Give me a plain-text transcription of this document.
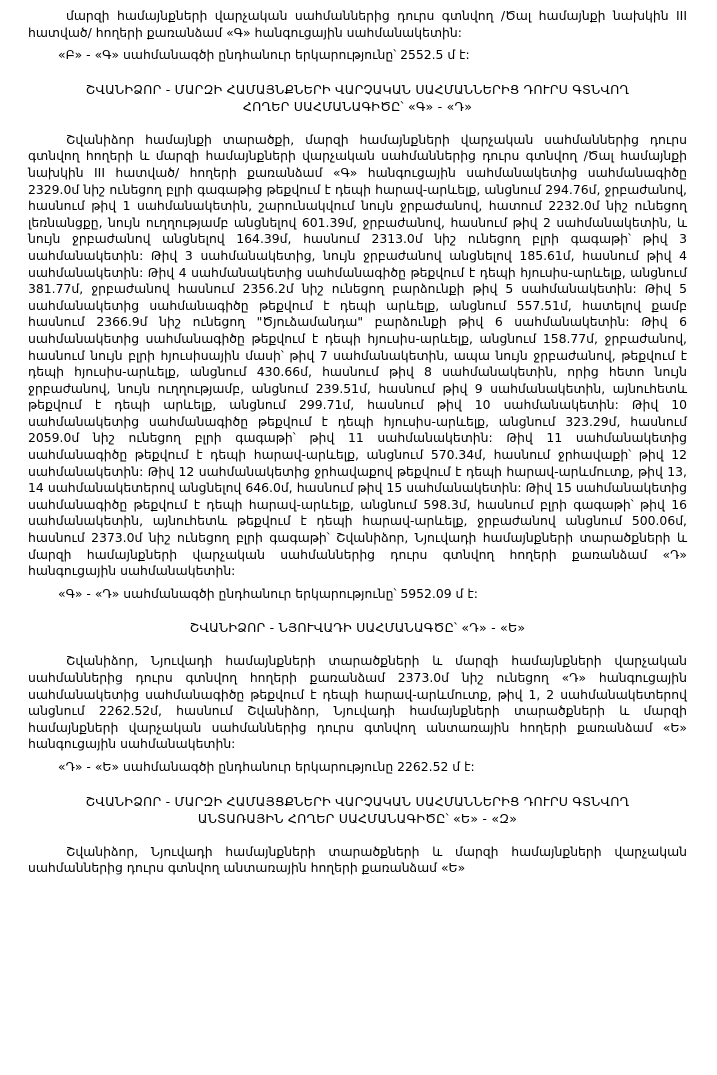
մարզի համայնքների վարչական սահմաններից դուրս գտնվող /Ծալ համայնքի նախկին III հատված/ հողերի քառանձամ «Գ» հանգուցային սահմանակետին:

«Բ» - «Գ» սահմանագծի ընդհանուր երկարությունը՝ 2552.5 մ է:

ՇՎԱՆԻՁՈՐ - ՄԱՐԶԻ ՀԱՄԱՅՆՔՆԵՐԻ ՎԱՐՉԱԿԱՆ ՍԱՀՄԱՆՆԵՐԻՑ ԴՈՒՐՍ ԳՏՆՎՈՂ

ՀՈՂԵՐ ՍԱՀՄԱՆԱԳԻԾԸ՝ «Գ» - «Դ»

Շվանիձոր համայնքի տարածքի, մարզի համայնքների վարչական սահմաններից դուրս գտնվող հողերի և մարզի համայնքների վարչական սահմաններից դուրս գտնվող /Ծալ համայնքի նախկին III հատված/ հողերի քառանձամ «Գ» հանգուցային սահմանակետից սահմանագիծը 2329.0մ նիշ ունեցող բլրի գագաթից թեքվում է դեպի հարավ-արևելք, անցնում 294.76մ, ջրբաժանով, հասնում թիվ 1 սահմանակետին, շարունակվում նույն ջրբաժանով, հատում 2232.0մ նիշ ունեցող լեռնանցքը, նույն ուղղությամբ անցնելով 601.39մ, ջրբաժանով, հասնում թիվ 2 սահմանակետին, և նույն ջրբաժանով անցնելով 164.39մ, հասնում 2313.0մ նիշ ունեցող բլրի գագաթի՝ թիվ 3 սահմանակետին: Թիվ 3 սահմանակետից, նույն ջրբաժանով անցնելով 185.61մ, հասնում թիվ 4 սահմանակետին: Թիվ 4 սահմանակետից սահմանագիծը թեքվում է դեպի հյուսիս-արևելք, անցնում 381.77մ, ջրբաժանով հասնում 2356.2մ նիշ ունեցող բարձունքի թիվ 5 սահմանակետին: Թիվ 5 սահմանակետից սահմանագիծը թեքվում է դեպի արևելք, անցնում 557.51մ, հատելով քամբ հասնում 2366.9մ նիշ ունեցող "Ծյուձամանդա" բարձունքի թիվ 6 սահմանակետին: Թիվ 6 սահմանակետից սահմանագիծը թեքվում է դեպի հյուսիս-արևելք, անցնում 158.77մ, ջրբաժանով, հասնում նույն բլրի հյուսիսային մասի՝ թիվ 7 սահմանակետին, ապա նույն ջրբաժանով, թեքվում է դեպի հյուսիս-արևելք, անցնում 430.66մ, հասնում թիվ 8 սահմանակետին, որից հետո նույն ջրբաժանով, նույն ուղղությամբ, անցնում 239.51մ, հասնում թիվ 9 սահմանակետին, այնուհետև թեքվում է դեպի արևելք, անցնում 299.71մ, հասնում թիվ 10 սահմանակետին: Թիվ 10 սահմանակետից սահմանագիծը թեքվում է դեպի հյուսիս-արևելք, անցնում 323.29մ, հասնում 2059.0մ նիշ ունեցող բլրի գագաթի՝ թիվ 11 սահմանակետին: Թիվ 11 սահմանակետից սահմանագիծը թեքվում է դեպի հարավ-արևելք, անցնում 570.34մ, հասնում ջրհավաքի՝ թիվ 12 սահմանակետին: Թիվ 12 սահմանակետից ջրհավաքով թեքվում է դեպի հարավ-արևմուտք, թիվ 13, 14 սահմանակետերով անցնելով 646.0մ, հասնում թիվ 15 սահմանակետին: Թիվ 15 սահմանակետից սահմանագիծը թեքվում է դեպի հարավ-արևելք, անցնում 598.3մ, հասնում բլրի գագաթի՝ թիվ 16 սահմանակետին, այնուհետև թեքվում է դեպի հարավ-արևելք, ջրբաժանով անցնում 500.06մ, հասնում 2373.0մ նիշ ունեցող բլրի գագաթի՝ Շվանիձոր, Նյուվադի համայնքների տարածքների և մարզի համայնքների վարչական սահմաններից դուրս գտնվող հողերի քառանձամ «Դ» հանգուցային սահմանակետին:

«Գ» - «Դ» սահմանագծի ընդհանուր երկարությունը՝ 5952.09 մ է:

ՇՎԱՆԻՁՈՐ - ՆՅՈՒՎԱԴԻ ՍԱՀՄԱՆԱԳԾԸ՝ «Դ» - «Ե»

Շվանիձոր, Նյուվադի համայնքների տարածքների և մարզի համայնքների վարչական սահմաններից դուրս գտնվող հողերի քառանձամ 2373.0մ նիշ ունեցող «Դ» հանգուցային սահմանակետից սահմանագիծը թեքվում է դեպի հարավ-արևմուտք, թիվ 1, 2 սահմանակետերով անցնում 2262.52մ, հասնում Շվանիձոր, Նյուվադի համայնքների տարածքների և մարզի համայնքների վարչական սահմաններից դուրս գտնվող անտառային հողերի քառանձամ «Ե» հանգուցային սահմանակետին:

«Դ» - «Ե» սահմանագծի ընդհանուր երկարությունը 2262.52 մ է:

ՇՎԱՆԻՁՈՐ - ՄԱՐԶԻ ՀԱՄԱՅՑՔՆԵՐԻ ՎԱՐՉԱԿԱՆ ՍԱՀՄԱՆՆԵՐԻՑ ԴՈՒՐՍ ԳՏՆՎՈՂ

ԱՆՏԱՌԱՅԻՆ ՀՈՂԵՐ ՍԱՀՄԱՆԱԳԻԾԸ՝ «Ե» - «Զ»

Շվանիձոր, Նյուվադի համայնքների տարածքների և մարզի համայնքների վարչական սահմաններից դուրս գտնվող անտառային հողերի քառանձամ «Ե»
